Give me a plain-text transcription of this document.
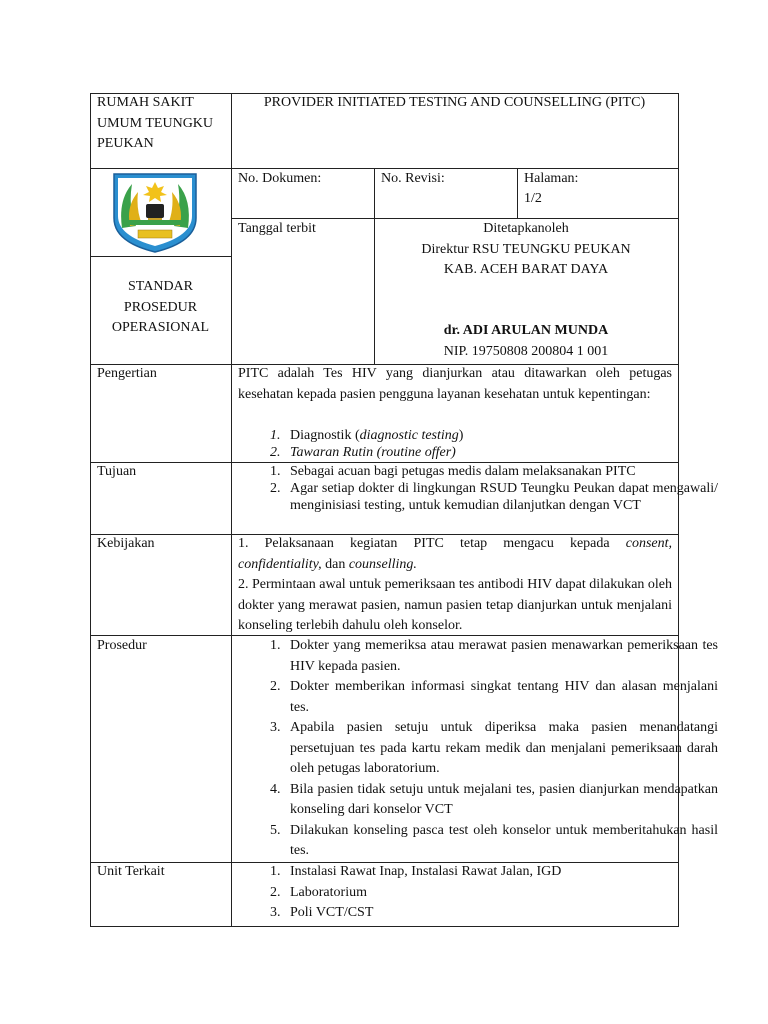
RUMAH SAKIT
UMUM TEUNGKU
PEUKAN
PROVIDER INITIATED TESTING AND COUNSELLING (PITC)
No. Dokumen:	No. Revisi:	Halaman:
1/2
Tanggal terbit	Ditetapkanoleh
Direktur RSU TEUNGKU PEUKAN
KAB. ACEH BARAT DAYA
dr. ADI ARULAN MUNDA
NIP. 19750808 200804 1 001
STANDAR
PROSEDUR
OPERASIONAL
Pengertian	PITC adalah Tes HIV yang dianjurkan atau ditawarkan oleh petugas kesehatan kepada pasien pengguna layanan kesehatan untuk kepentingan:
1. Diagnostik (diagnostic testing)
2. Tawaran Rutin (routine offer)
Tujuan	1. Sebagai acuan bagi petugas medis dalam melaksanakan PITC
2. Agar setiap dokter di lingkungan RSUD Teungku Peukan dapat mengawali/ menginisiasi testing, untuk kemudian dilanjutkan dengan VCT
Kebijakan	1. Pelaksanaan kegiatan PITC tetap mengacu kepada consent,
confidentiality, dan counselling.
2. Permintaan awal untuk pemeriksaan tes antibodi HIV dapat dilakukan oleh dokter yang merawat pasien, namun pasien tetap dianjurkan untuk menjalani konseling terlebih dahulu oleh konselor.
Prosedur	1. Dokter yang memeriksa atau merawat pasien menawarkan pemeriksaan tes HIV kepada pasien.
2. Dokter memberikan informasi singkat tentang HIV dan alasan menjalani tes.
3. Apabila pasien setuju untuk diperiksa maka pasien menandatangi persetujuan tes pada kartu rekam medik dan menjalani pemeriksaan darah oleh petugas laboratorium.
4. Bila pasien tidak setuju untuk mejalani tes, pasien dianjurkan mendapatkan konseling dari konselor VCT
5. Dilakukan konseling pasca test oleh konselor untuk memberitahukan hasil tes.
Unit Terkait	1. Instalasi Rawat Inap, Instalasi Rawat Jalan, IGD
2. Laboratorium
3. Poli VCT/CST
